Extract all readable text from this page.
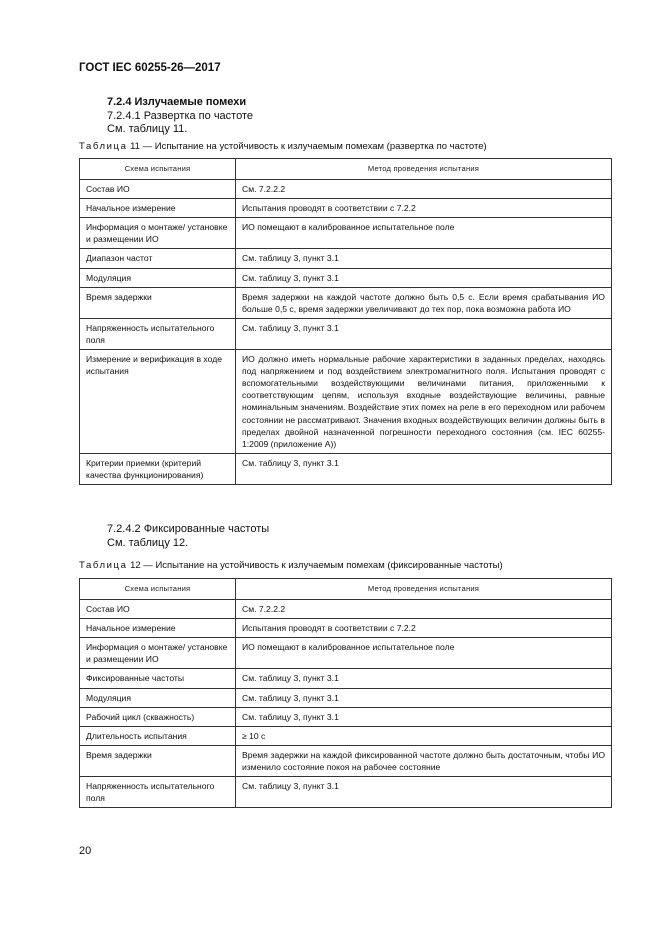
ГОСТ IEC 60255-26—2017
7.2.4 Излучаемые помехи
7.2.4.1 Развертка по частоте
См. таблицу 11.
Таблица 11 — Испытание на устойчивость к излучаемым помехам (развертка по частоте)
Схема испытания	Метод проведения испытания
Состав ИО	См. 7.2.2.2
Начальное измерение	Испытания проводят в соответствии с 7.2.2
Информация о монтаже/ установке и размещении ИО	ИО помещают в калиброванное испытательное поле
Диапазон частот	См. таблицу 3, пункт 3.1
Модуляция	См. таблицу 3, пункт 3.1
Время задержки	Время задержки на каждой частоте должно быть 0,5 с. Если время срабатывания ИО больше 0,5 с, время задержки увеличивают до тех пор, пока возможна работа ИО
Напряженность испытательного поля	См. таблицу 3, пункт 3.1
Измерение и верификация в ходе испытания	ИО должно иметь нормальные рабочие характеристики в заданных пределах, находясь под напряжением и под воздействием электромагнитного поля. Испытания проводят с вспомогательными воздействующими величинами питания, приложенными к соответствующим цепям, используя входные воздействующие величины, равные номинальным значениям. Воздействие этих помех на реле в его переходном или рабочем состоянии не рассматривают. Значения входных воздействующих величин должны быть в пределах двойной назначенной погрешности переходного состояния (см. IEC 60255-1:2009 (приложение А))
Критерии приемки (критерий качества функционирования)	См. таблицу 3, пункт 3.1
7.2.4.2 Фиксированные частоты
См. таблицу 12.
Таблица 12 — Испытание на устойчивость к излучаемым помехам (фиксированные частоты)
Схема испытания	Метод проведения испытания
Состав ИО	См. 7.2.2.2
Начальное измерение	Испытания проводят в соответствии с 7.2.2
Информация о монтаже/ установке и размещении ИО	ИО помещают в калиброванное испытательное поле
Фиксированные частоты	См. таблицу 3, пункт 3.1
Модуляция	См. таблицу 3, пункт 3.1
Рабочий цикл (скважность)	См. таблицу 3, пункт 3.1
Длительность испытания	≥ 10 с
Время задержки	Время задержки на каждой фиксированной частоте должно быть достаточным, чтобы ИО изменило состояние покоя на рабочее состояние
Напряженность испытательного поля	См. таблицу 3, пункт 3.1
20
